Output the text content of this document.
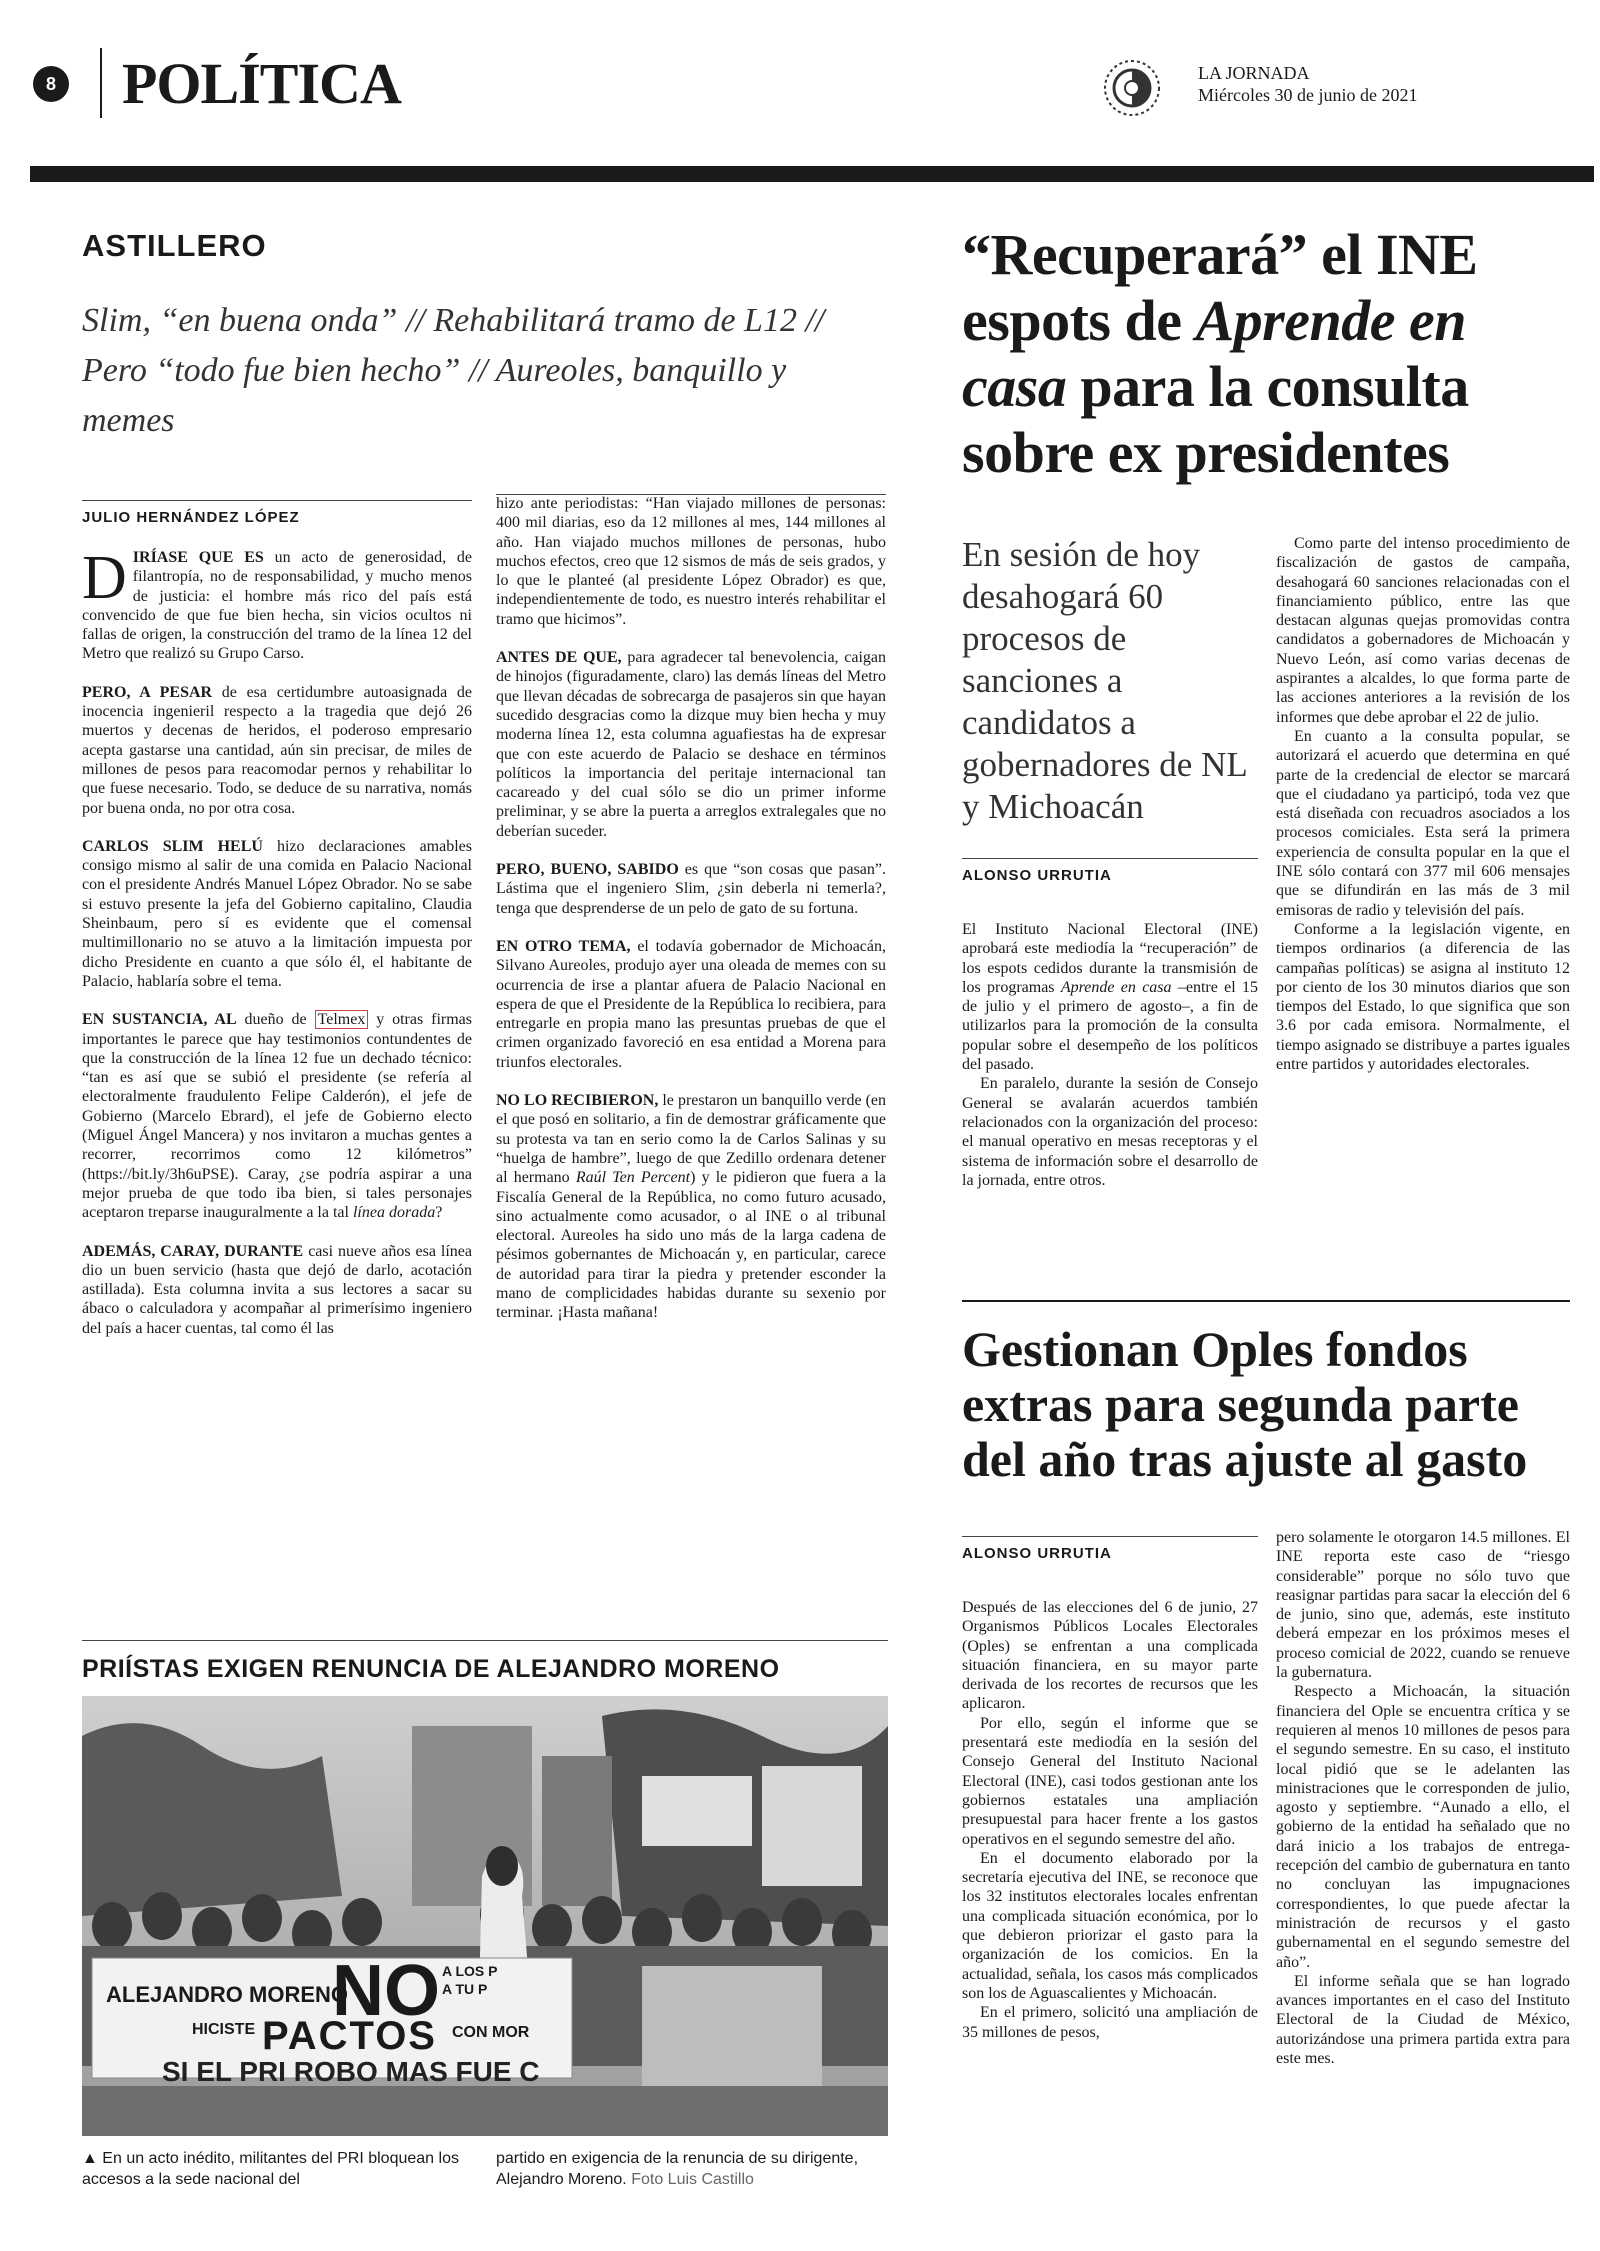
8 POLÍTICA	LA JORNADA
Miércoles 30 de junio de 2021
ASTILLERO
Slim, “en buena onda” // Rehabilitará tramo de L12 // Pero “todo fue bien hecho” // Aureoles, banquillo y memes
JULIO HERNÁNDEZ LÓPEZ

DIRÍASE QUE ES un acto de generosidad, de filantropía, no de responsabilidad, y mucho menos de justicia: el hombre más rico del país está convencido de que fue bien hecha, sin vicios ocultos ni fallas de origen, la construcción del tramo de la línea 12 del Metro que realizó su Grupo Carso.

PERO, A PESAR de esa certidumbre autoasignada de inocencia ingenieril respecto a la tragedia que dejó 26 muertos y decenas de heridos, el poderoso empresario acepta gastarse una cantidad, aún sin precisar, de miles de millones de pesos para reacomodar pernos y rehabilitar lo que fuese necesario. Todo, se deduce de su narrativa, nomás por buena onda, no por otra cosa.

CARLOS SLIM HELÚ hizo declaraciones amables consigo mismo al salir de una comida en Palacio Nacional con el presidente Andrés Manuel López Obrador. No se sabe si estuvo presente la jefa del Gobierno capitalino, Claudia Sheinbaum, pero sí es evidente que el comensal multimillonario no se atuvo a la limitación impuesta por dicho Presidente en cuanto a que sólo él, el habitante de Palacio, hablaría sobre el tema.

EN SUSTANCIA, AL dueño de Telmex y otras firmas importantes le parece que hay testimonios contundentes de que la construcción de la línea 12 fue un dechado técnico: “tan es así que se subió el presidente (se refería al electoralmente fraudulento Felipe Calderón), el jefe de Gobierno (Marcelo Ebrard), el jefe de Gobierno electo (Miguel Ángel Mancera) y nos invitaron a muchas gentes a recorrer, recorrimos como 12 kilómetros” (https://bit.ly/3h6uPSE). Caray, ¿se podría aspirar a una mejor prueba de que todo iba bien, si tales personajes aceptaron treparse inauguralmente a la tal línea dorada?

ADEMÁS, CARAY, DURANTE casi nueve años esa línea dio un buen servicio (hasta que dejó de darlo, acotación astillada). Esta columna invita a sus lectores a sacar su ábaco o calculadora y acompañar al primerísimo ingeniero del país a hacer cuentas, tal como él las

hizo ante periodistas: “Han viajado millones de personas: 400 mil diarias, eso da 12 millones al mes, 144 millones al año. Han viajado muchos millones de personas, hubo muchos efectos, creo que 12 sismos de más de seis grados, y lo que le planteé (al presidente López Obrador) es que, independientemente de todo, es nuestro interés rehabilitar el tramo que hicimos”.

ANTES DE QUE, para agradecer tal benevolencia, caigan de hinojos (figuradamente, claro) las demás líneas del Metro que llevan décadas de sobrecarga de pasajeros sin que hayan sucedido desgracias como la dizque muy bien hecha y muy moderna línea 12, esta columna aguafiestas ha de expresar que con este acuerdo de Palacio se deshace en términos políticos la importancia del peritaje internacional tan cacareado y del cual sólo se dio un primer informe preliminar, y se abre la puerta a arreglos extralegales que no deberían suceder.

PERO, BUENO, SABIDO es que “son cosas que pasan”. Lástima que el ingeniero Slim, ¿sin deberla ni temerla?, tenga que desprenderse de un pelo de gato de su fortuna.

EN OTRO TEMA, el todavía gobernador de Michoacán, Silvano Aureoles, produjo ayer una oleada de memes con su ocurrencia de irse a plantar afuera de Palacio Nacional en espera de que el Presidente de la República lo recibiera, para entregarle en propia mano las presuntas pruebas de que el crimen organizado favoreció en esa entidad a Morena para triunfos electorales.

NO LO RECIBIERON, le prestaron un banquillo verde (en el que posó en solitario, a fin de demostrar gráficamente que su protesta va tan en serio como la de Carlos Salinas y su “huelga de hambre”, luego de que Zedillo ordenara detener al hermano Raúl Ten Percent) y le pidieron que fuera a la Fiscalía General de la República, no como futuro acusado, sino actualmente como acusador, o al INE o al tribunal electoral. Aureoles ha sido uno más de la larga cadena de pésimos gobernantes de Michoacán y, en particular, carece de autoridad para tirar la piedra y pretender esconder la mano de complicidades habidas durante su sexenio por terminar. ¡Hasta mañana!

PRIÍSTAS EXIGEN RENUNCIA DE ALEJANDRO MORENO
ALEJANDRO MORENO
NO A LOS P
A TU P
HICISTE PACTOS CON MOR
SI EL PRI ROBO MAS FUE C
▲ En un acto inédito, militantes del PRI bloquean los accesos a la sede nacional del
partido en exigencia de la renuncia de su dirigente, Alejandro Moreno. Foto Luis Castillo
“Recuperará” el INE espots de Aprende en casa para la consulta sobre ex presidentes
En sesión de hoy desahogará 60 procesos de sanciones a candidatos a gobernadores de NL y Michoacán
ALONSO URRUTIA

El Instituto Nacional Electoral (INE) aprobará este mediodía la “recuperación” de los espots cedidos durante la transmisión de los programas Aprende en casa –entre el 15 de julio y el primero de agosto–, a fin de utilizarlos para la promoción de la consulta popular sobre el desempeño de los políticos del pasado.

En paralelo, durante la sesión de Consejo General se avalarán acuerdos también relacionados con la organización del proceso: el manual operativo en mesas receptoras y el sistema de información sobre el desarrollo de la jornada, entre otros.

Como parte del intenso procedimiento de fiscalización de gastos de campaña, desahogará 60 sanciones relacionadas con el financiamiento público, entre las que destacan algunas quejas promovidas contra candidatos a gobernadores de Michoacán y Nuevo León, así como varias decenas de aspirantes a alcaldes, lo que forma parte de las acciones anteriores a la revisión de los informes que debe aprobar el 22 de julio.

En cuanto a la consulta popular, se autorizará el acuerdo que determina en qué parte de la credencial de elector se marcará que el ciudadano ya participó, toda vez que está diseñada con recuadros asociados a los procesos comiciales. Esta será la primera experiencia de consulta popular en la que el INE sólo contará con 377 mil 606 mensajes que se difundirán en las más de 3 mil emisoras de radio y televisión del país.

Conforme a la legislación vigente, en tiempos ordinarios (a diferencia de las campañas políticas) se asigna al instituto 12 por ciento de los 30 minutos diarios que son tiempos del Estado, lo que significa que son 3.6 por cada emisora. Normalmente, el tiempo asignado se distribuye a partes iguales entre partidos y autoridades electorales.

Gestionan Oples fondos extras para segunda parte del año tras ajuste al gasto
ALONSO URRUTIA

Después de las elecciones del 6 de junio, 27 Organismos Públicos Locales Electorales (Oples) se enfrentan a una complicada situación financiera, en su mayor parte derivada de los recortes de recursos que les aplicaron.

Por ello, según el informe que se presentará este mediodía en la sesión del Consejo General del Instituto Nacional Electoral (INE), casi todos gestionan ante los gobiernos estatales una ampliación presupuestal para hacer frente a los gastos operativos en el segundo semestre del año.

En el documento elaborado por la secretaría ejecutiva del INE, se reconoce que los 32 institutos electorales locales enfrentan una complicada situación económica, por lo que debieron priorizar el gasto para la organización de los comicios. En la actualidad, señala, los casos más complicados son los de Aguascalientes y Michoacán.

En el primero, solicitó una ampliación de 35 millones de pesos,

pero solamente le otorgaron 14.5 millones. El INE reporta este caso de “riesgo considerable” porque no sólo tuvo que reasignar partidas para sacar la elección del 6 de junio, sino que, además, este instituto deberá empezar en los próximos meses el proceso comicial de 2022, cuando se renueve la gubernatura.

Respecto a Michoacán, la situación financiera del Ople se encuentra crítica y se requieren al menos 10 millones de pesos para el segundo semestre. En su caso, el instituto local pidió que se le adelanten las ministraciones que le corresponden de julio, agosto y septiembre. “Aunado a ello, el gobierno de la entidad ha señalado que no dará inicio a los trabajos de entrega-recepción del cambio de gubernatura en tanto no concluyan las impugnaciones correspondientes, lo que puede afectar la ministración de recursos y el gasto gubernamental en el segundo semestre del año”.

El informe señala que se han logrado avances importantes en el caso del Instituto Electoral de la Ciudad de México, autorizándose una primera partida extra para este mes.
